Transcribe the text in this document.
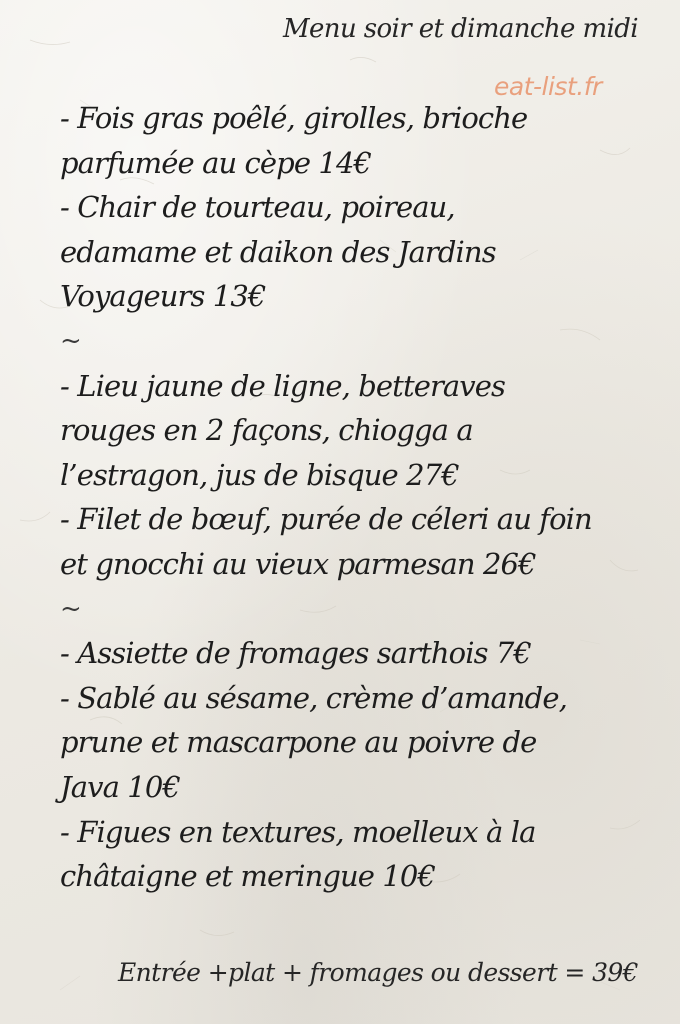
Menu soir et dimanche midi
eat-list.fr
- Fois gras poêlé, girolles, brioche
parfumée au cèpe 14€
- Chair de tourteau, poireau,
edamame et daikon des Jardins
Voyageurs 13€
~
- Lieu jaune de ligne, betteraves
rouges en 2 façons, chiogga a
l’estragon, jus de bisque 27€
- Filet de bœuf, purée de céleri au foin
et gnocchi au vieux parmesan 26€
~
- Assiette de fromages sarthois 7€
- Sablé au sésame, crème d’amande,
prune et mascarpone au poivre de
Java 10€
- Figues en textures, moelleux à la
châtaigne et meringue 10€
Entrée +plat + fromages ou dessert = 39€
